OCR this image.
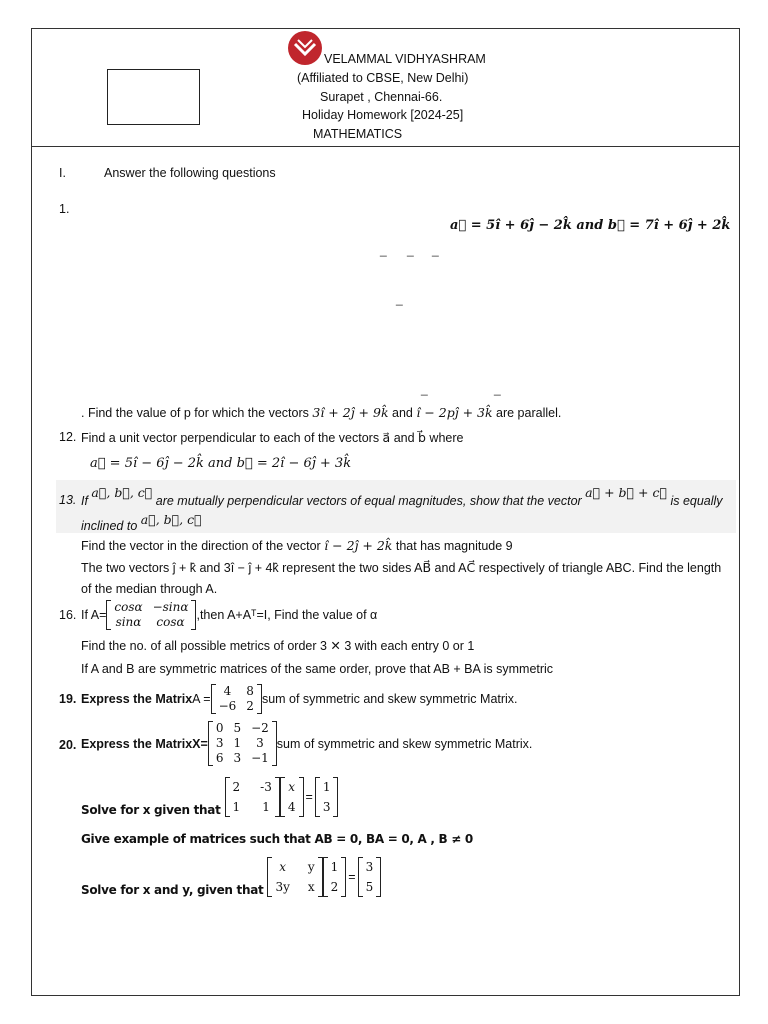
VELAMMAL VIDHYASHRAM
(Affiliated to CBSE, New Delhi)
Surapet , Chennai-66.
Holiday Homework [2024-25]
MATHEMATICS
I.	Answer the following questions
1.
a⃗ = 5î + 6ĵ − 2k̂ and b⃗ = 7î + 6ĵ + 2k̂
_ _ _
_
_	_
. Find the value of p for which the vectors 3î + 2ĵ + 9k̂ and î − 2pĵ + 3k̂ are parallel.
12. Find a unit vector perpendicular to each of the vectors a⃗ and b⃗ where
a⃗ = 5î − 6ĵ − 2k̂ and b⃗ = 2î − 6ĵ + 3k̂
13. If a⃗, b⃗, c⃗ are mutually perpendicular vectors of equal magnitudes, show that the vector a⃗ + b⃗ + c⃗ is equally
inclined to a⃗, b⃗, c⃗
Find the vector in the direction of the vector î − 2ĵ + 2k̂ that has magnitude 9
The two vectors ĵ + k̂ and 3î − ĵ + 4k̂ represent the two sides AB⃗ and AC⃗ respectively of triangle ABC. Find the length
of the median through A.
16. If A=
cosα −sinα
sinα	cosα ,then A+Aᵀ=I, Find the value of α
Find the no. of all possible metrics of order 3 ✕ 3 with each entry 0 or 1
If A and B are symmetric matrices of the same order, prove that AB + BA is symmetric
19. Express the Matrix A =
4	8
−6 2 sum of symmetric and skew symmetric Matrix.
20. Express the Matrix X=
0 5 −2
3 1	3
6 3 −1
sum of symmetric and skew symmetric Matrix.
Solve for x given that
2 -3
1 1
x
4
=
1
3
Give example of matrices such that AB = 0, BA = 0, A , B ≠ 0
Solve for x and y, given that
x	y
3y x
1
2
=
3
5
